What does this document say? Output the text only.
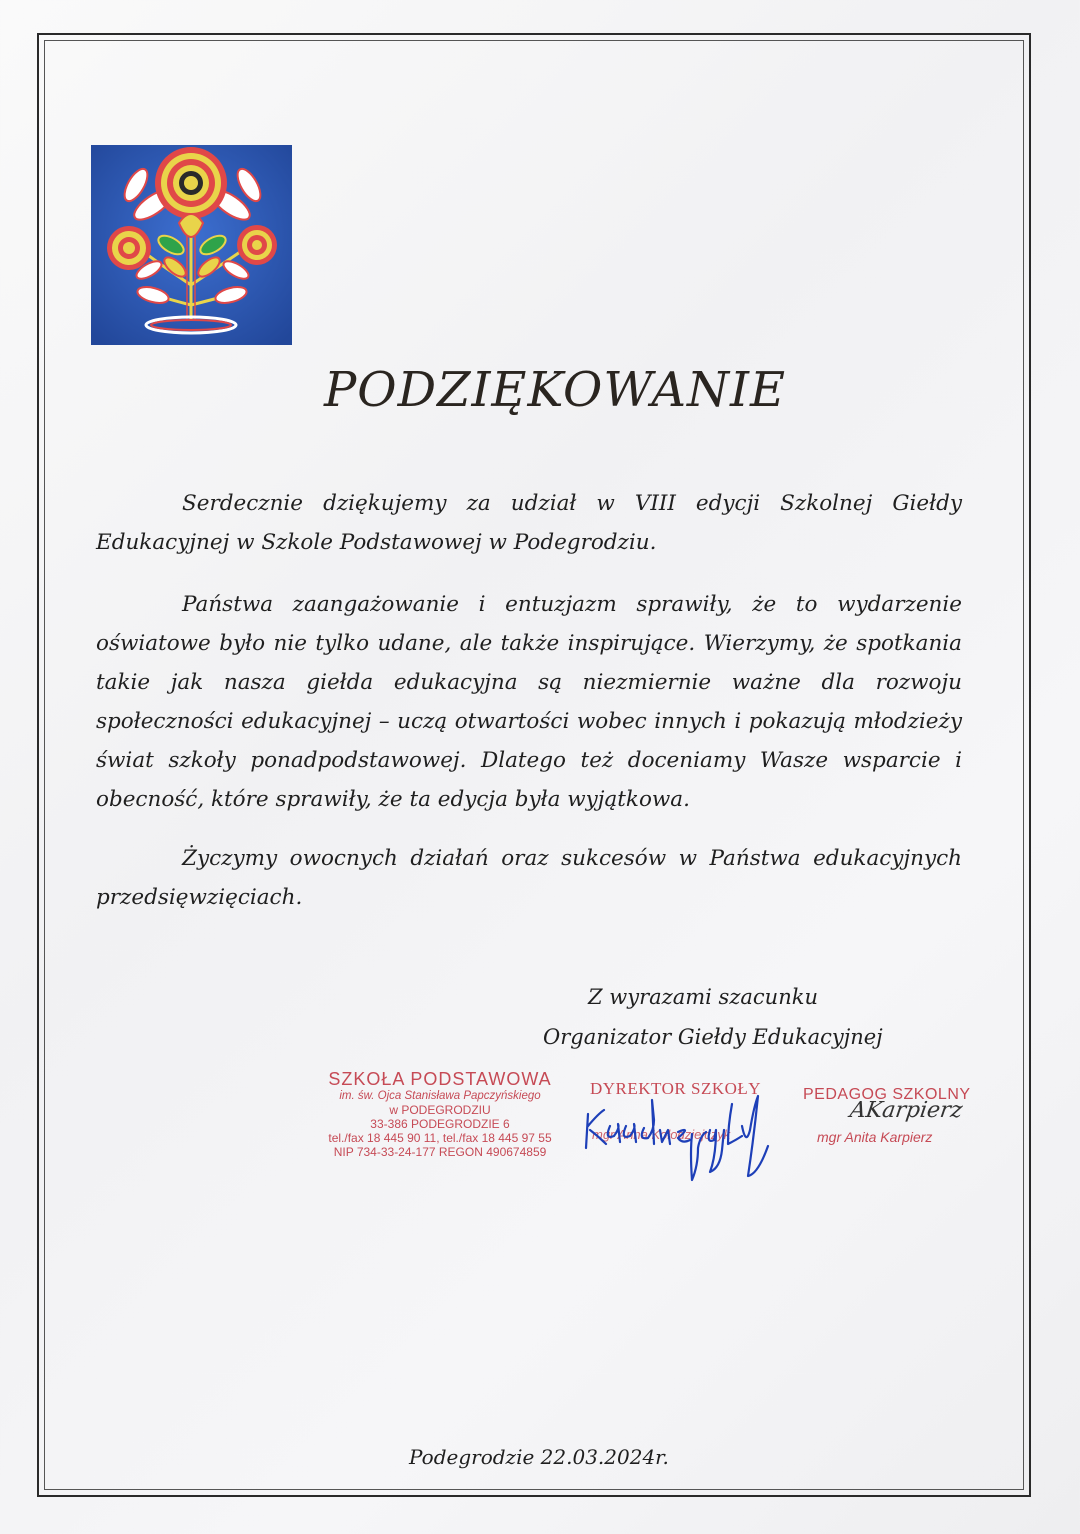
PODZIĘKOWANIE
Serdecznie dziękujemy za udział w VIII edycji Szkolnej Giełdy Edukacyjnej w Szkole Podstawowej w Podegrodziu.
Państwa zaangażowanie i entuzjazm sprawiły, że to wydarzenie oświatowe było nie tylko udane, ale także inspirujące. Wierzymy, że spotkania takie jak nasza giełda edukacyjna są niezmiernie ważne dla rozwoju społeczności edukacyjnej – uczą otwartości wobec innych i pokazują młodzieży świat szkoły ponadpodstawowej. Dlatego też doceniamy Wasze wsparcie i obecność, które sprawiły, że ta edycja była wyjątkowa.
Życzymy owocnych działań oraz sukcesów w Państwa edukacyjnych przedsięwzięciach.
Z wyrazami szacunku
Organizator Giełdy Edukacyjnej
SZKOŁA PODSTAWOWA
im. św. Ojca Stanisława Papczyńskiego
w PODEGRODZIU
33-386 PODEGRODZIE 6
tel./fax 18 445 90 11, tel./fax 18 445 97 55
NIP 734-33-24-177 REGON 490674859
DYREKTOR SZKOŁY
mgr Anna Kołodziejczyk
PEDAGOG SZKOLNY
mgr Anita Karpierz
AKarpierz
Podegrodzie 22.03.2024r.
